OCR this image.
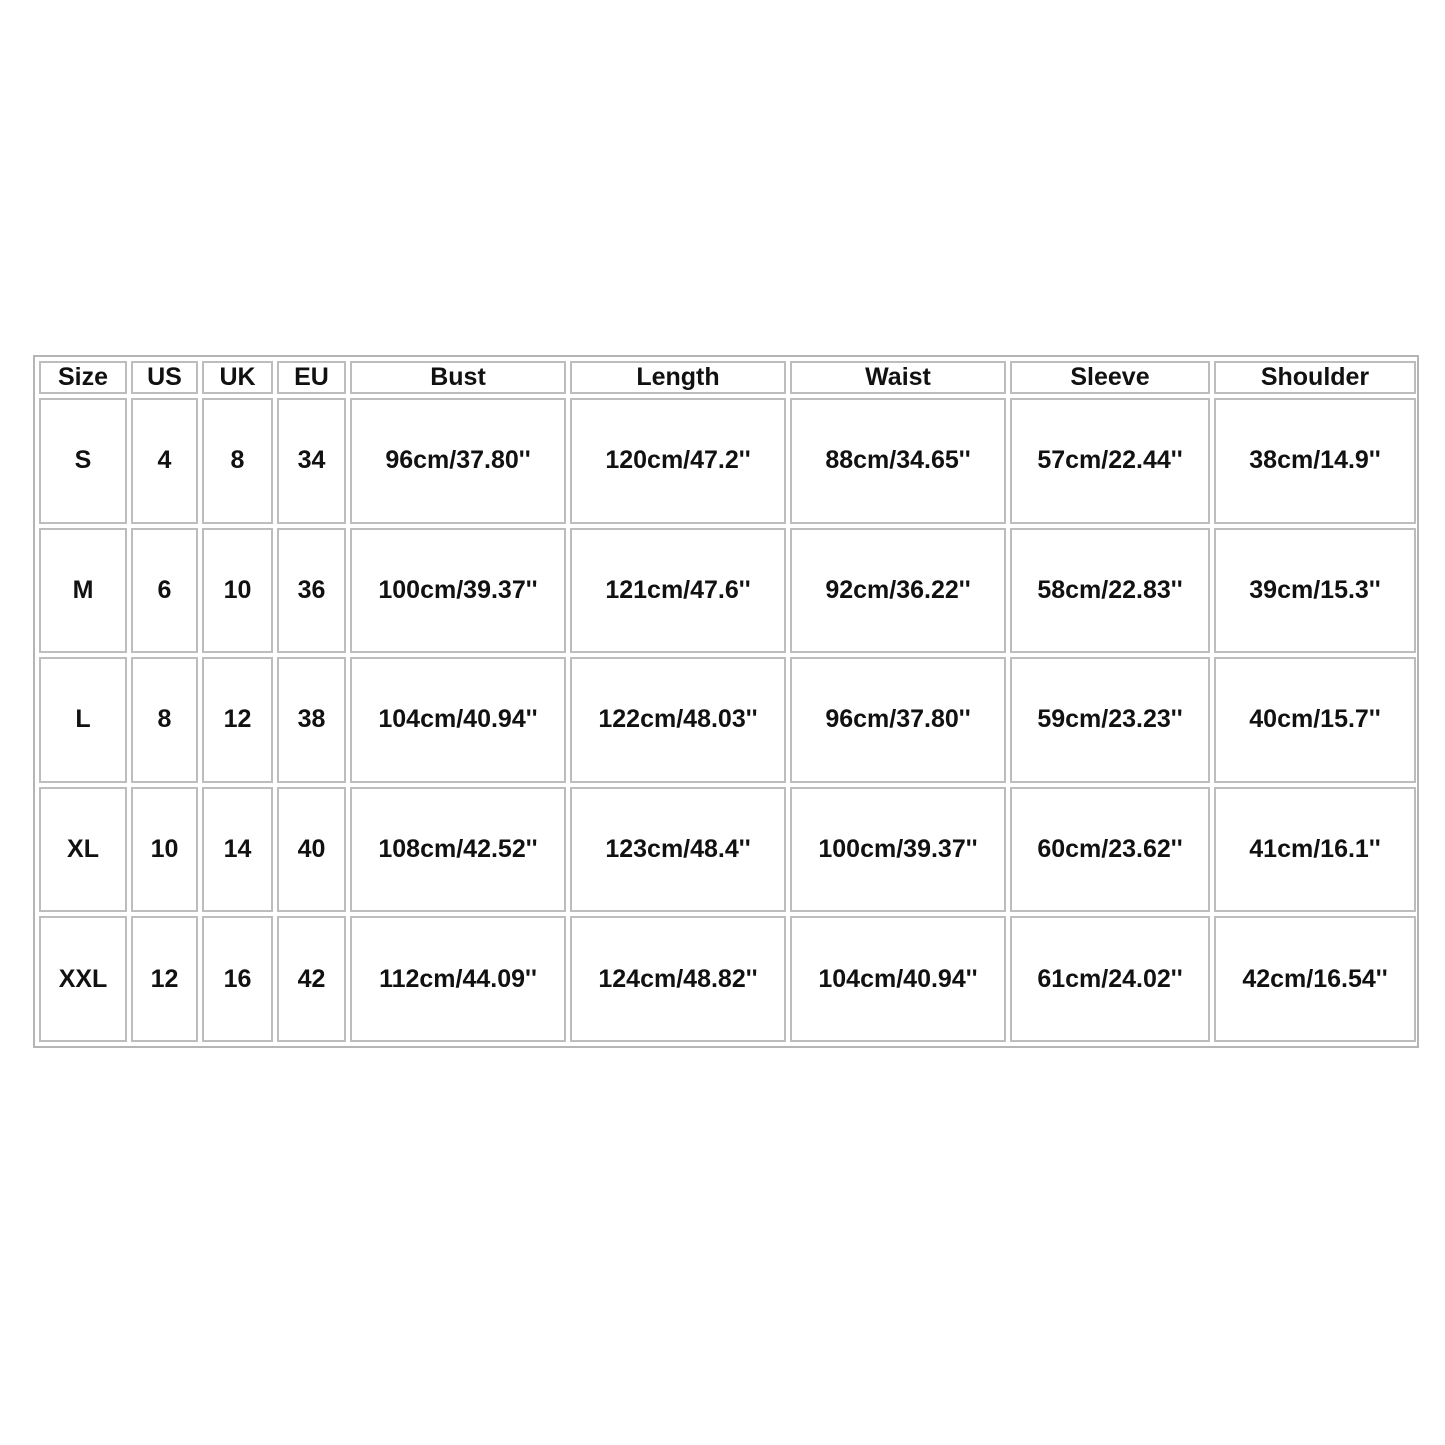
Size	US	UK	EU	Bust	Length	Waist	Sleeve	Shoulder
S	4	8	34	96cm/37.80''	120cm/47.2''	88cm/34.65''	57cm/22.44''	38cm/14.9''
M	6	10	36	100cm/39.37''	121cm/47.6''	92cm/36.22''	58cm/22.83''	39cm/15.3''
L	8	12	38	104cm/40.94''	122cm/48.03''	96cm/37.80''	59cm/23.23''	40cm/15.7''
XL	10	14	40	108cm/42.52''	123cm/48.4''	100cm/39.37''	60cm/23.62''	41cm/16.1''
XXL	12	16	42	112cm/44.09''	124cm/48.82''	104cm/40.94''	61cm/24.02''	42cm/16.54''
